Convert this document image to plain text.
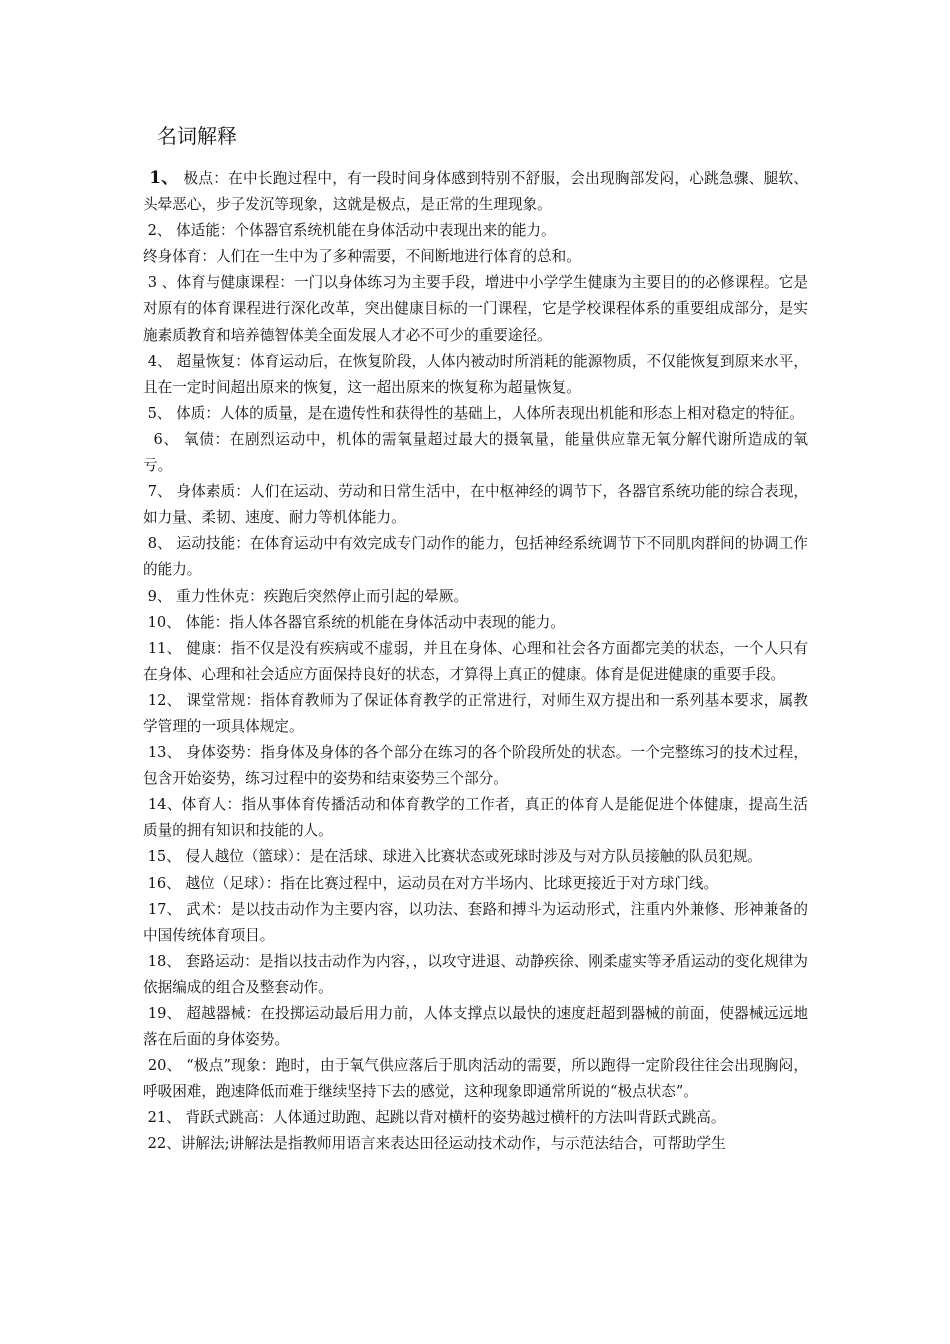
名词解释

1、 极点：在中长跑过程中，有一段时间身体感到特别不舒服，会出现胸部发闷，心跳急骤、腿软、头晕恶心，步子发沉等现象，这就是极点，是正常的生理现象。

2、 体适能：个体器官系统机能在身体活动中表现出来的能力。

终身体育：人们在一生中为了多种需要，不间断地进行体育的总和。

3 、体育与健康课程：一门以身体练习为主要手段，增进中小学学生健康为主要目的的必修课程。它是对原有的体育课程进行深化改革，突出健康目标的一门课程，它是学校课程体系的重要组成部分，是实施素质教育和培养德智体美全面发展人才必不可少的重要途径。

4、 超量恢复：体育运动后，在恢复阶段，人体内被动时所消耗的能源物质，不仅能恢复到原来水平，且在一定时间超出原来的恢复，这一超出原来的恢复称为超量恢复。

5、 体质：人体的质量，是在遗传性和获得性的基础上，人体所表现出机能和形态上相对稳定的特征。

6、 氧债：在剧烈运动中，机体的需氧量超过最大的摄氧量，能量供应靠无氧分解代谢所造成的氧亏。

7、 身体素质：人们在运动、劳动和日常生活中，在中枢神经的调节下，各器官系统功能的综合表现，如力量、柔韧、速度、耐力等机体能力。

8、 运动技能：在体育运动中有效完成专门动作的能力，包括神经系统调节下不同肌肉群间的协调工作的能力。

9、 重力性休克：疾跑后突然停止而引起的晕厥。

10、 体能：指人体各器官系统的机能在身体活动中表现的能力。

11、 健康：指不仅是没有疾病或不虚弱，并且在身体、心理和社会各方面都完美的状态，一个人只有在身体、心理和社会适应方面保持良好的状态，才算得上真正的健康。体育是促进健康的重要手段。

12、 课堂常规：指体育教师为了保证体育教学的正常进行，对师生双方提出和一系列基本要求，属教学管理的一项具体规定。

13、 身体姿势：指身体及身体的各个部分在练习的各个阶段所处的状态。一个完整练习的技术过程，包含开始姿势，练习过程中的姿势和结束姿势三个部分。

14、体育人：指从事体育传播活动和体育教学的工作者，真正的体育人是能促进个体健康，提高生活质量的拥有知识和技能的人。

15、 侵人越位（篮球）：是在活球、球进入比赛状态或死球时涉及与对方队员接触的队员犯规。

16、 越位（足球）：指在比赛过程中，运动员在对方半场内、比球更接近于对方球门线。

17、 武术：是以技击动作为主要内容，以功法、套路和搏斗为运动形式，注重内外兼修、形神兼备的中国传统体育项目。

18、 套路运动：是指以技击动作为内容，，以攻守进退、动静疾徐、刚柔虚实等矛盾运动的变化规律为依据编成的组合及整套动作。

19、 超越器械：在投掷运动最后用力前，人体支撑点以最快的速度赶超到器械的前面，使器械远远地落在后面的身体姿势。

20、 “极点”现象：跑时，由于氧气供应落后于肌肉活动的需要，所以跑得一定阶段往往会出现胸闷，呼吸困难，跑速降低而难于继续坚持下去的感觉，这种现象即通常所说的“极点状态”。

21、 背跃式跳高：人体通过助跑、起跳以背对横杆的姿势越过横杆的方法叫背跃式跳高。

22、讲解法;讲解法是指教师用语言来表达田径运动技术动作，与示范法结合，可帮助学生
